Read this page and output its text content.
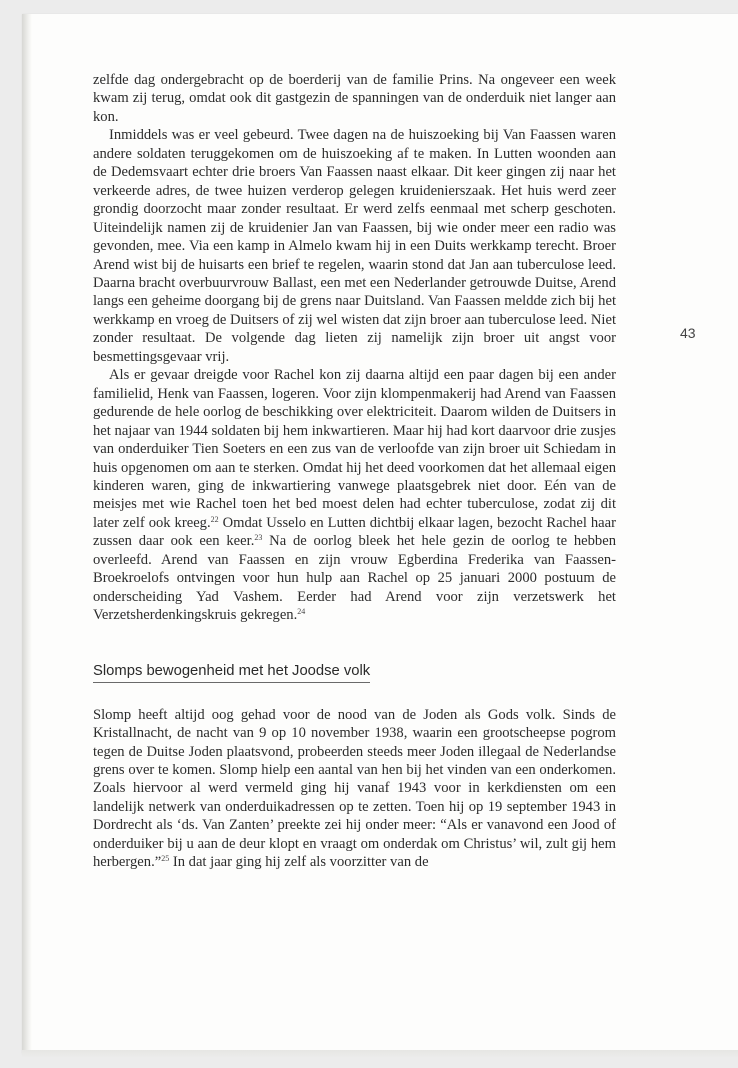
43

zelfde dag ondergebracht op de boerderij van de familie Prins. Na ongeveer een week kwam zij terug, omdat ook dit gastgezin de spanningen van de onderduik niet langer aan kon.

Inmiddels was er veel gebeurd. Twee dagen na de huiszoeking bij Van Faassen waren andere soldaten teruggekomen om de huiszoeking af te maken. In Lutten woonden aan de Dedemsvaart echter drie broers Van Faassen naast elkaar. Dit keer gingen zij naar het verkeerde adres, de twee huizen verderop gelegen kruidenierszaak. Het huis werd zeer grondig doorzocht maar zonder resultaat. Er werd zelfs eenmaal met scherp geschoten. Uiteindelijk namen zij de kruidenier Jan van Faassen, bij wie onder meer een radio was gevonden, mee. Via een kamp in Almelo kwam hij in een Duits werkkamp terecht. Broer Arend wist bij de huisarts een brief te regelen, waarin stond dat Jan aan tuberculose leed. Daarna bracht overbuurvrouw Ballast, een met een Nederlander getrouwde Duitse, Arend langs een geheime doorgang bij de grens naar Duitsland. Van Faassen meldde zich bij het werkkamp en vroeg de Duitsers of zij wel wisten dat zijn broer aan tuberculose leed. Niet zonder resultaat. De volgende dag lieten zij namelijk zijn broer uit angst voor besmettingsgevaar vrij.

Als er gevaar dreigde voor Rachel kon zij daarna altijd een paar dagen bij een ander familielid, Henk van Faassen, logeren. Voor zijn klompenmakerij had Arend van Faassen gedurende de hele oorlog de beschikking over elektriciteit. Daarom wilden de Duitsers in het najaar van 1944 soldaten bij hem inkwartieren. Maar hij had kort daarvoor drie zusjes van onderduiker Tien Soeters en een zus van de verloofde van zijn broer uit Schiedam in huis opgenomen om aan te sterken. Omdat hij het deed voorkomen dat het allemaal eigen kinderen waren, ging de inkwartiering vanwege plaatsgebrek niet door. Eén van de meisjes met wie Rachel toen het bed moest delen had echter tuberculose, zodat zij dit later zelf ook kreeg.$^{22}$ Omdat Usselo en Lutten dichtbij elkaar lagen, bezocht Rachel haar zussen daar ook een keer.$^{23}$ Na de oorlog bleek het hele gezin de oorlog te hebben overleefd. Arend van Faassen en zijn vrouw Egberdina Frederika van Faassen-Broekroelofs ontvingen voor hun hulp aan Rachel op 25 januari 2000 postuum de onderscheiding Yad Vashem. Eerder had Arend voor zijn verzetswerk het Verzetsherdenkingskruis gekregen.$^{24}$

Slomps bewogenheid met het Joodse volk

Slomp heeft altijd oog gehad voor de nood van de Joden als Gods volk. Sinds de Kristallnacht, de nacht van 9 op 10 november 1938, waarin een grootscheepse pogrom tegen de Duitse Joden plaatsvond, probeerden steeds meer Joden illegaal de Nederlandse grens over te komen. Slomp hielp een aantal van hen bij het vinden van een onderkomen. Zoals hiervoor al werd vermeld ging hij vanaf 1943 voor in kerkdiensten om een landelijk netwerk van onderduikadressen op te zetten. Toen hij op 19 september 1943 in Dordrecht als ‘ds. Van Zanten’ preekte zei hij onder meer: “Als er vanavond een Jood of onderduiker bij u aan de deur klopt en vraagt om onderdak om Christus’ wil, zult gij hem herbergen.”$^{25}$ In dat jaar ging hij zelf als voorzitter van de
